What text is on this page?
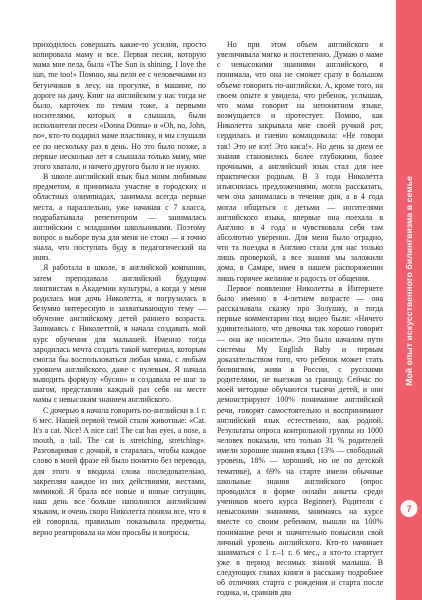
приходилось совершать какие-то усилия, просто копировала маму и все. Первая песня, которую мама мне пела, была «The Sun is shining, I love the sun, me too!» Помню, мы пели ее с человечками из бегунчиков в лесу, на прогулке, в машине, по дороге на дачу. Книг на английском у нас тогда не было, карточек по темам тоже, а первыми носителями, которых я слышала, были исполнители песен «Donna Donna» и «Oh, no, John, no», кто-то подарил маме пластинку, и мы слушали ее по нескольку раз в день. Но это было позже, а первые несколько лет я слышала только маму, мне этого хватало, и ничего другого было и не нужно.

В школе английский язык был моим любимым предметом, я принимала участие в городских и областных олимпиадах, занимала всегда первые места, а параллельно, уже начиная с 7 класса, подрабатывала репетитором — занималась английским с младшими школьниками. Поэтому вопрос о выборе вуза для меня не стоял — я точно знала, что поступать буду в педагогический на иняз.

Я работала в школе, в английской компании, затем преподавала английский будущим лингвистам в Академии культуры, а когда у меня родилась моя дочь Николетта, я погрузилась в безумно интересную и захватывающую тему — обучение английскому детей раннего возраста. Занимаясь с Николеттой, я начала создавать мой курс обучения для малышей. Именно тогда зародилась мечта создать такой материал, которым смогла бы воспользоваться любая мама, с любым уровнем английского, даже с нулевым. Я начала выводить формулу «бусин» и создавала ее шаг за шагом, представляя каждый раз себя на месте мамы с невысоким знанием английского.

С дочерью я начала говорить по-английски в 1 г. 6 мес. Нашей первой темой стали животные: «Cat. It's a cat. Nice! A nice cat! The cat has eyes, a nose, a mouth, a tail. The cat is stretching, stretching». Разговаривая с дочкой, я старалась, чтобы каждое слово в моей фразе ей было понятно без перевода, для этого я вводила слова последовательно, закрепляя каждое из них действиями, жестами, мимикой. Я брала все новые и новые ситуации, наш день все больше наполнялся английским языком, и очень скоро Николетта поняла все, что я ей говорила, правильно показывала предметы, верно реагировала на мои просьбы и вопросы.

Но при этом объем английского я увеличивала мягко и постепенно. Думаю о маме с невысокими знаниями английского, я понимала, что она не сможет сразу в большом объеме говорить по-английски. А, кроме того, на своем опыте я увидела, что ребенок, услышав, что мама говорит на непонятном языке, возмущается и протестует. Помню, как Николетта закрывала мне своей ручкой рот, сердилась и гневно командовала: «Не говори так! Это не кэт! Это киса!». Но день за днем ее знания становились более глубокими, более прочными, а английский язык стал для нее практически родным. В 3 года Николетта изъяснялась предложениями, могла рассказать, чем она занималась в течение дня, а в 4 года могла общаться с детьми — носителями английского языка, впервые она поехала в Англию в 4 года и чувствовала себя там абсолютно уверенно. Для меня было отрадно, что та поездка в Англию стала для нас только лишь проверкой, а все знания мы заложили дома, в Самаре, имея в нашем распоряжении лишь горячее желание и радость от общения.

Первое появление Николетты в Интернете было именно в 4-летнем возрасте — она рассказывала сказку про Золушку, и тогда первые комментарии под видео были: «Ничего удивительного, что девочка так хорошо говорит — она же носитель». Это было началом пути системы My English Baby и первым доказательством того, что ребенок может стать билингвом, живя в России, с русскими родителями, не выезжая за границу. Сейчас по моей методике обучаются тысячи детей, и они демонстрируют 100% понимание английской речи, говорят самостоятельно и воспринимают английский язык естественно, как родной. Результаты опроса контрольной группы из 1000 человек показали, что только 31 % родителей имели хорошие знания языка (13% — свободный уровень, 18% — хороший, но не по детской тематике), а 69% на старте имели обычные школьные знания английского (опрос проводился в форме онлайн анкеты среди учеников моего курса Beginner). Родители с невысокими знаниями, занимаясь на курсе вместе со своим ребенком, вышли на 100% понимание речи и значительно повысили свой личный уровень английского. Кто-то начинает заниматься с 1 г.–1 г. 6 мес., а кто-то стартует уже в период весомых знаний малыша. В следующих главах книги я расскажу подробнее об отличиях старта с рождения и старта после годика, и, сравнив два

Мой опыт искусственного билингвизма в семье
7
